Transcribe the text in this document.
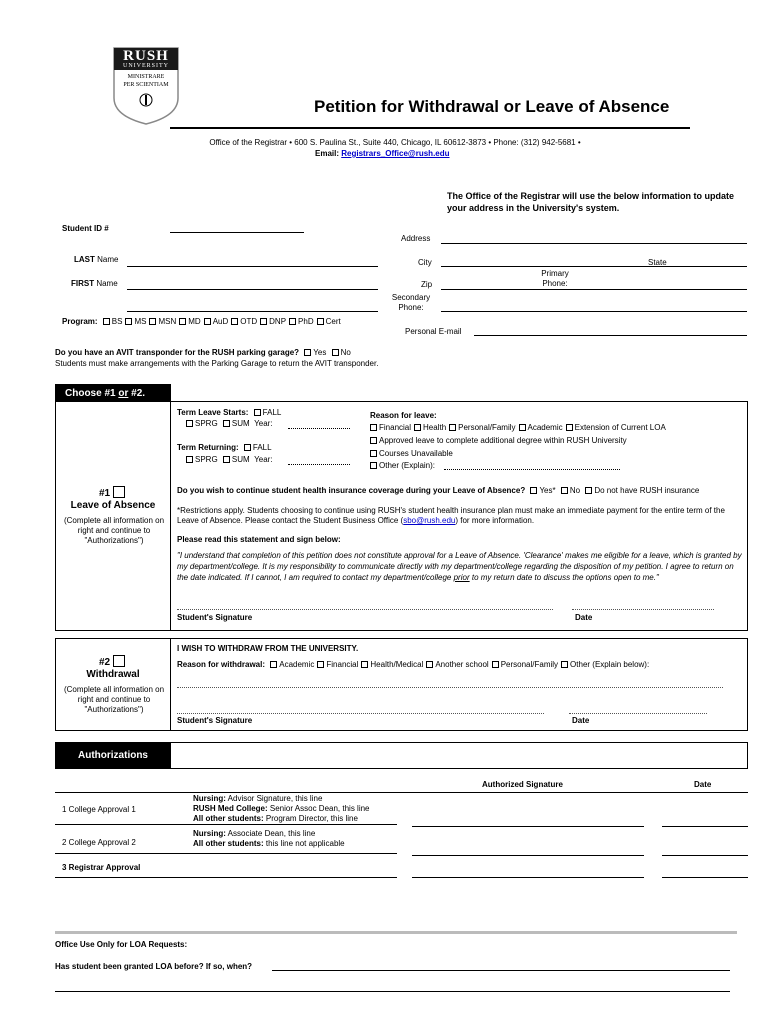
RUSH
UNIVERSITY
MINISTRARE
PER SCIENTIAM
Petition for Withdrawal or Leave of Absence
Office of the Registrar • 600 S. Paulina St., Suite 440, Chicago, IL 60612-3873 • Phone: (312) 942-5681 •
Email: Registrars_Office@rush.edu
The Office of the Registrar will use the below information to update your address in the University's system.
Student ID #
LAST Name
FIRST Name
Program: BS MS MSN MD AuD OTD DNP PhD Cert
Address
City	State
Primary
Phone:
Zip
Secondary
Phone:
Personal E-mail
Do you have an AVIT transponder for the RUSH parking garage? Yes No
Students must make arrangements with the Parking Garage to return the AVIT transponder.
Choose #1 or #2.
#1
Leave of Absence
(Complete all information on right and continue to "Authorizations")
Term Leave Starts: FALL
SPRG SUM Year:
Term Returning: FALL
SPRG SUM Year:
Reason for leave:
Financial Health Personal/Family Academic Extension of Current LOA
Approved leave to complete additional degree within RUSH University
Courses Unavailable
Other (Explain):
Do you wish to continue student health insurance coverage during your Leave of Absence? Yes* No Do not have RUSH insurance
*Restrictions apply. Students choosing to continue using RUSH's student health insurance plan must make an immediate payment for the entire term of the Leave of Absence. Please contact the Student Business Office (sbo@rush.edu) for more information.
Please read this statement and sign below:
"I understand that completion of this petition does not constitute approval for a Leave of Absence. 'Clearance' makes me eligible for a leave, which is granted by my department/college. It is my responsibility to communicate directly with my department/college regarding the disposition of my petition. I agree to return on the date indicated. If I cannot, I am required to contact my department/college prior to my return date to discuss the options open to me."
Student's Signature	Date
#2
Withdrawal
(Complete all information on right and continue to "Authorizations")
I WISH TO WITHDRAW FROM THE UNIVERSITY.
Reason for withdrawal: Academic Financial Health/Medical Another school Personal/Family Other (Explain below):
Student's Signature	Date
Authorizations
Authorized Signature	Date
1 College Approval 1
Nursing: Advisor Signature, this line
RUSH Med College: Senior Assoc Dean, this line
All other students: Program Director, this line
2 College Approval 2
Nursing: Associate Dean, this line
All other students: this line not applicable
3 Registrar Approval
Office Use Only for LOA Requests:
Has student been granted LOA before? If so, when?
